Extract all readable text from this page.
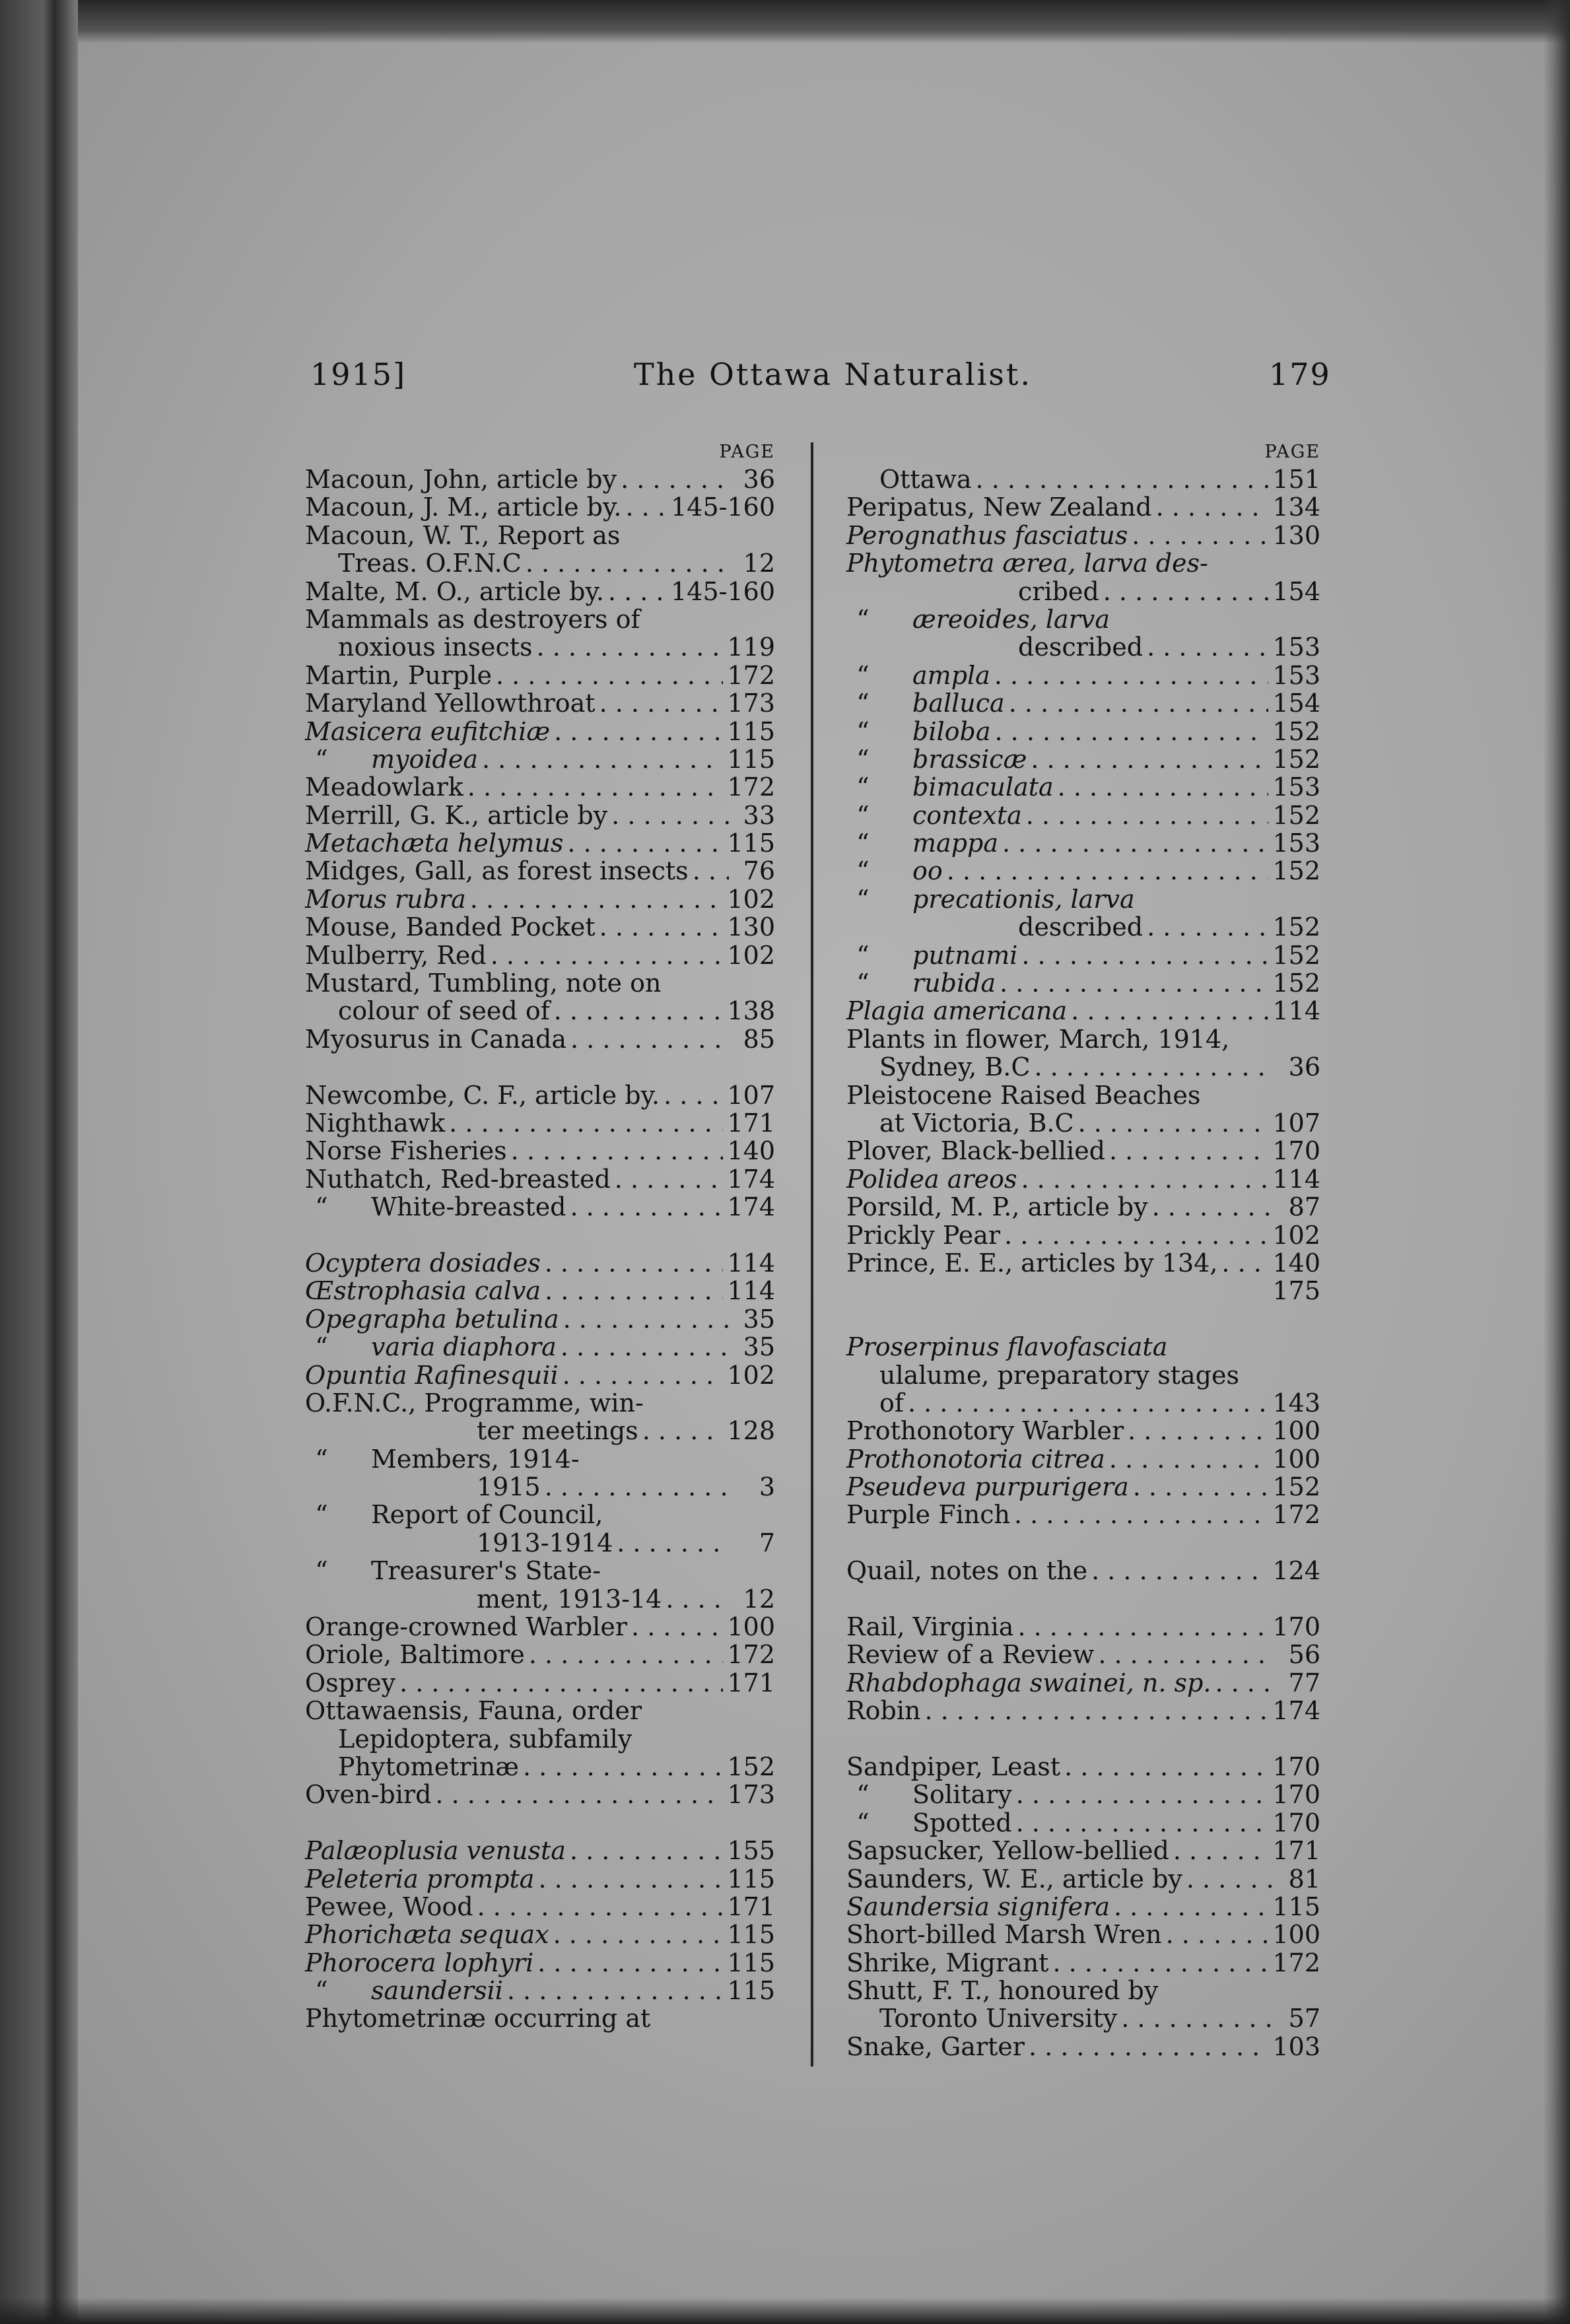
1915]	The Ottawa Naturalist.	179
PAGE
Macoun, John, article by . . .	36
Macoun, J. M., article by. . . . 145-160
Macoun, W. T., Report as
Treas. O.F.N.C . . .	12
Malte, M. O., article by. . . .	145-160
Mammals as destroyers of
noxious insects . . .	119
Martin, Purple . . .	172
Maryland Yellowthroat . . .	173
Masicera eufitchiæ . . .	115
“	myoidea . . .	115
Meadowlark . . .	172
Merrill, G. K., article by . . .	33
Metachæta helymus . . .	115
Midges, Gall, as forest insects . . .	76
Morus rubra . . .	102
Mouse, Banded Pocket . . .	130
Mulberry, Red . . .	102
Mustard, Tumbling, note on
colour of seed of . . .	138
Myosurus in Canada . . .	85
Newcombe, C. F., article by. . . .	107
Nighthawk . . .	171
Norse Fisheries . . .	140
Nuthatch, Red-breasted . . .	174
“	White-breasted . . .	174
Ocyptera dosiades . . .	114
Œstrophasia calva . . .	114
Opegrapha betulina . . .	35
“	varia diaphora . . .	35
Opuntia Rafinesquii . . .	102
O.F.N.C., Programme, win-
ter meetings . . .	128
“	Members, 1914-
1915 . . .	3
“	Report of Council,
1913-1914 . . .	7
“	Treasurer's State-
ment, 1913-14 . . .	12
Orange-crowned Warbler . . .	100
Oriole, Baltimore . . .	172
Osprey . . .	171
Ottawaensis, Fauna, order
Lepidoptera, subfamily
Phytometrinæ . . .	152
Oven-bird . . .	173
Palæoplusia venusta . . .	155
Peleteria prompta . . .	115
Pewee, Wood . . .	171
Phorichæta sequax . . .	115
Phorocera lophyri . . .	115
“	saundersii . . .	115
Phytometrinæ occurring at
PAGE
Ottawa . . .	151
Peripatus, New Zealand . . .	134
Perognathus fasciatus . . .	130
Phytometra ærea, larva des-
cribed . . .	154
“	æreoides, larva
described . . .	153
“	ampla . . .	153
“	balluca . . .	154
“	biloba . . .	152
“	brassicæ . . .	152
“	bimaculata . . .	153
“	contexta . . .	152
“	mappa . . .	153
“	oo . . .	152
“	precationis, larva
described . . .	152
“	putnami . . .	152
“	rubida . . .	152
Plagia americana . . .	114
Plants in flower, March, 1914,
Sydney, B.C . . .	36
Pleistocene Raised Beaches
at Victoria, B.C . . .	107
Plover, Black-bellied . . .	170
Polidea areos . . .	114
Porsild, M. P., article by . . .	87
Prickly Pear . . .	102
Prince, E. E., articles by 134, . . . 140
175
Proserpinus flavofasciata
ulalume, preparatory stages
of . . .	143
Prothonotory Warbler . . .	100
Prothonotoria citrea . . .	100
Pseudeva purpurigera . . .	152
Purple Finch . . .	172
Quail, notes on the . . .	124
Rail, Virginia . . .	170
Review of a Review . . .	56
Rhabdophaga swainei, n. sp. . . .	77
Robin . . .	174
Sandpiper, Least . . .	170
“	Solitary . . .	170
“	Spotted . . .	170
Sapsucker, Yellow-bellied . . .	171
Saunders, W. E., article by . . .	81
Saundersia signifera . . .	115
Short-billed Marsh Wren . . .	100
Shrike, Migrant . . .	172
Shutt, F. T., honoured by
Toronto University . . .	57
Snake, Garter . . .	103
